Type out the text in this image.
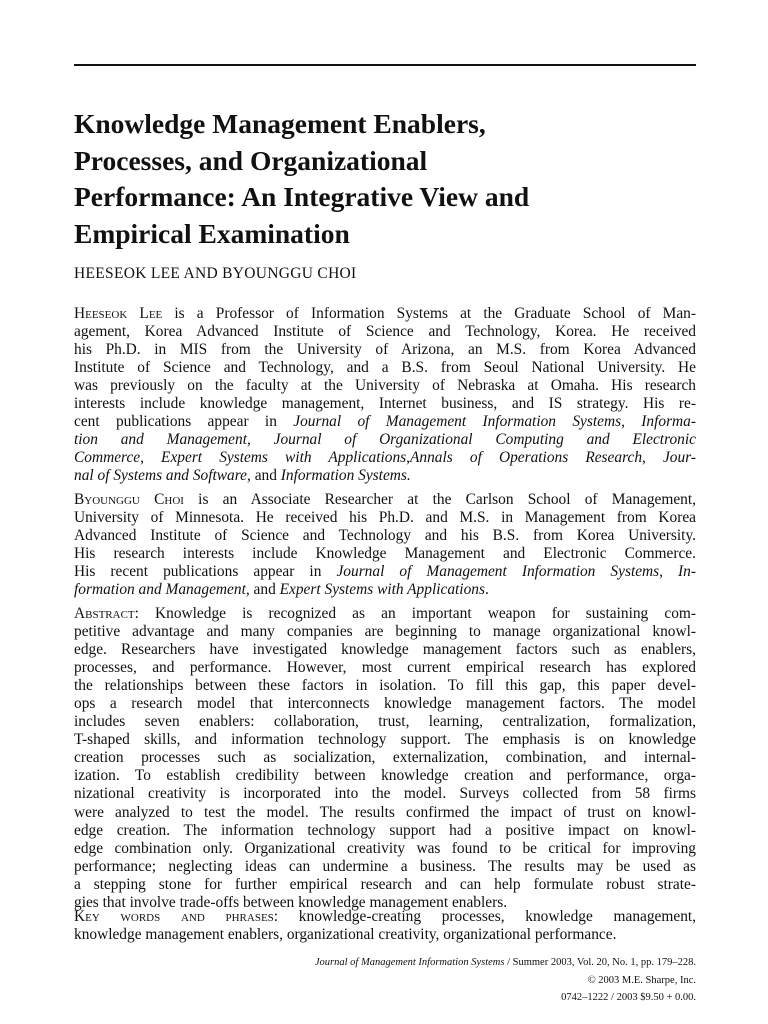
Knowledge Management Enablers,
Processes, and Organizational
Performance: An Integrative View and
Empirical Examination

HEESEOK LEE AND BYOUNGGU CHOI

Heeseok Lee is a Professor of Information Systems at the Graduate School of Man-
agement, Korea Advanced Institute of Science and Technology, Korea. He received
his Ph.D. in MIS from the University of Arizona, an M.S. from Korea Advanced
Institute of Science and Technology, and a B.S. from Seoul National University. He
was previously on the faculty at the University of Nebraska at Omaha. His research
interests include knowledge management, Internet business, and IS strategy. His re-
cent publications appear in Journal of Management Information Systems, Informa-
tion and Management, Journal of Organizational Computing and Electronic
Commerce, Expert Systems with Applications,Annals of Operations Research, Jour-
nal of Systems and Software, and Information Systems.
Byounggu Choi is an Associate Researcher at the Carlson School of Management,
University of Minnesota. He received his Ph.D. and M.S. in Management from Korea
Advanced Institute of Science and Technology and his B.S. from Korea University.
His research interests include Knowledge Management and Electronic Commerce.
His recent publications appear in Journal of Management Information Systems, In-
formation and Management, and Expert Systems with Applications.
Abstract: Knowledge is recognized as an important weapon for sustaining com-
petitive advantage and many companies are beginning to manage organizational knowl-
edge. Researchers have investigated knowledge management factors such as enablers,
processes, and performance. However, most current empirical research has explored
the relationships between these factors in isolation. To fill this gap, this paper devel-
ops a research model that interconnects knowledge management factors. The model
includes seven enablers: collaboration, trust, learning, centralization, formalization,
T-shaped skills, and information technology support. The emphasis is on knowledge
creation processes such as socialization, externalization, combination, and internal-
ization. To establish credibility between knowledge creation and performance, orga-
nizational creativity is incorporated into the model. Surveys collected from 58 firms
were analyzed to test the model. The results confirmed the impact of trust on knowl-
edge creation. The information technology support had a positive impact on knowl-
edge combination only. Organizational creativity was found to be critical for improving
performance; neglecting ideas can undermine a business. The results may be used as
a stepping stone for further empirical research and can help formulate robust strate-
gies that involve trade-offs between knowledge management enablers.
Key words and phrases: knowledge-creating processes, knowledge management,
knowledge management enablers, organizational creativity, organizational performance.

Journal of Management Information Systems / Summer 2003, Vol. 20, No. 1, pp. 179–228.

© 2003 M.E. Sharpe, Inc.

0742–1222 / 2003 $9.50 + 0.00.
